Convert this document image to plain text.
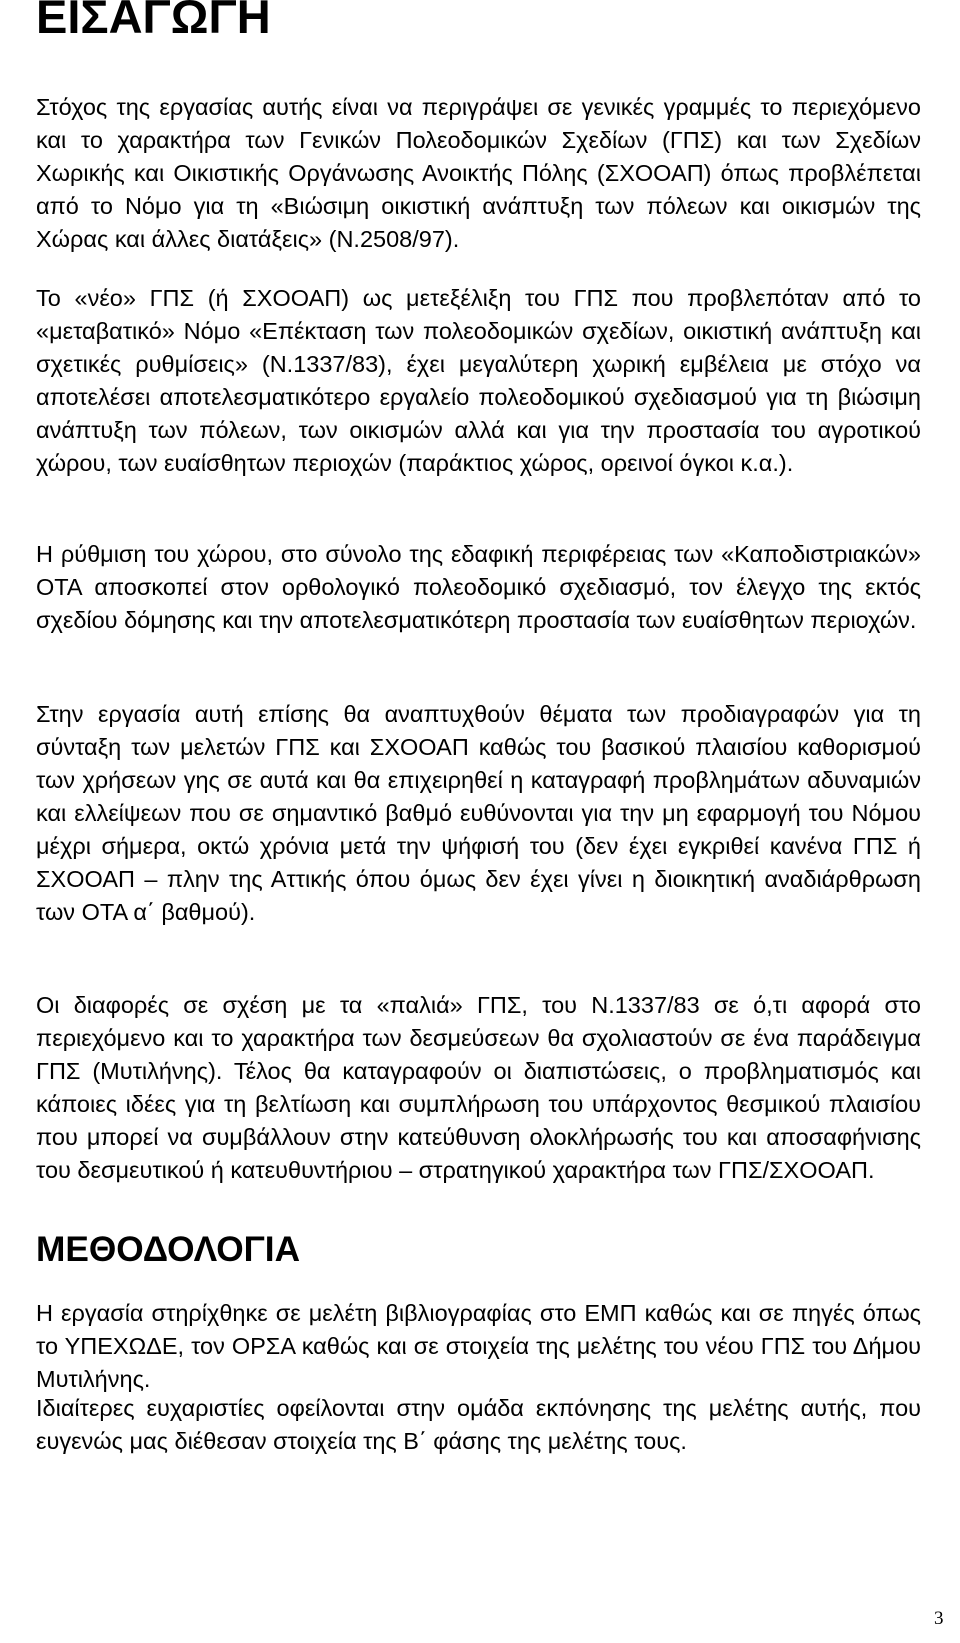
ΕΙΣΑΓΩΓΗ

Στόχος της εργασίας αυτής είναι να περιγράψει σε γενικές γραμμές το περιεχόμενο και το χαρακτήρα των Γενικών Πολεοδομικών Σχεδίων (ΓΠΣ) και των Σχεδίων Χωρικής και Οικιστικής Οργάνωσης Ανοικτής Πόλης (ΣΧΟΟΑΠ) όπως προβλέπεται από το Νόμο για τη «Βιώσιμη οικιστική ανάπτυξη των πόλεων και οικισμών της Χώρας και άλλες διατάξεις» (Ν.2508/97).

Το «νέο» ΓΠΣ (ή ΣΧΟΟΑΠ) ως μετεξέλιξη του ΓΠΣ που προβλεπόταν από το «μεταβατικό» Νόμο «Επέκταση των πολεοδομικών σχεδίων, οικιστική ανάπτυξη και σχετικές ρυθμίσεις» (Ν.1337/83), έχει μεγαλύτερη χωρική εμβέλεια με στόχο να αποτελέσει αποτελεσματικότερο εργαλείο πολεοδομικού σχεδιασμού για τη βιώσιμη ανάπτυξη των πόλεων, των οικισμών αλλά και για την προστασία του αγροτικού χώρου, των ευαίσθητων περιοχών (παράκτιος χώρος, ορεινοί όγκοι κ.α.).

Η ρύθμιση του χώρου, στο σύνολο της εδαφική περιφέρειας των «Καποδιστριακών» ΟΤΑ αποσκοπεί στον ορθολογικό πολεοδομικό σχεδιασμό, τον έλεγχο της εκτός σχεδίου δόμησης και την αποτελεσματικότερη προστασία των ευαίσθητων περιοχών.

Στην εργασία αυτή επίσης θα αναπτυχθούν θέματα των προδιαγραφών για τη σύνταξη των μελετών ΓΠΣ και ΣΧΟΟΑΠ καθώς του βασικού πλαισίου καθορισμού των χρήσεων γης σε αυτά και θα επιχειρηθεί η καταγραφή προβλημάτων αδυναμιών και ελλείψεων που σε σημαντικό βαθμό ευθύνονται για την μη εφαρμογή του Νόμου μέχρι σήμερα, οκτώ χρόνια μετά την ψήφισή του (δεν έχει εγκριθεί κανένα ΓΠΣ ή ΣΧΟΟΑΠ – πλην της Αττικής όπου όμως δεν έχει γίνει η διοικητική αναδιάρθρωση των ΟΤΑ α΄ βαθμού).

Οι διαφορές σε σχέση με τα «παλιά» ΓΠΣ, του Ν.1337/83 σε ό,τι αφορά στο περιεχόμενο και το χαρακτήρα των δεσμεύσεων θα σχολιαστούν σε ένα παράδειγμα ΓΠΣ (Μυτιλήνης). Τέλος θα καταγραφούν οι διαπιστώσεις, ο προβληματισμός και κάποιες ιδέες για τη βελτίωση και συμπλήρωση του υπάρχοντος θεσμικού πλαισίου που μπορεί να συμβάλλουν στην κατεύθυνση ολοκλήρωσής του και αποσαφήνισης του δεσμευτικού ή κατευθυντήριου – στρατηγικού χαρακτήρα των ΓΠΣ/ΣΧΟΟΑΠ.

ΜΕΘΟΔΟΛΟΓΙΑ

Η εργασία στηρίχθηκε σε μελέτη βιβλιογραφίας στο ΕΜΠ καθώς και σε πηγές όπως το ΥΠΕΧΩΔΕ, τον ΟΡΣΑ καθώς και σε στοιχεία της μελέτης του νέου ΓΠΣ του Δήμου Μυτιλήνης.

Ιδιαίτερες ευχαριστίες οφείλονται στην ομάδα εκπόνησης της μελέτης αυτής, που ευγενώς μας διέθεσαν στοιχεία της Β΄ φάσης της μελέτης τους.

3
